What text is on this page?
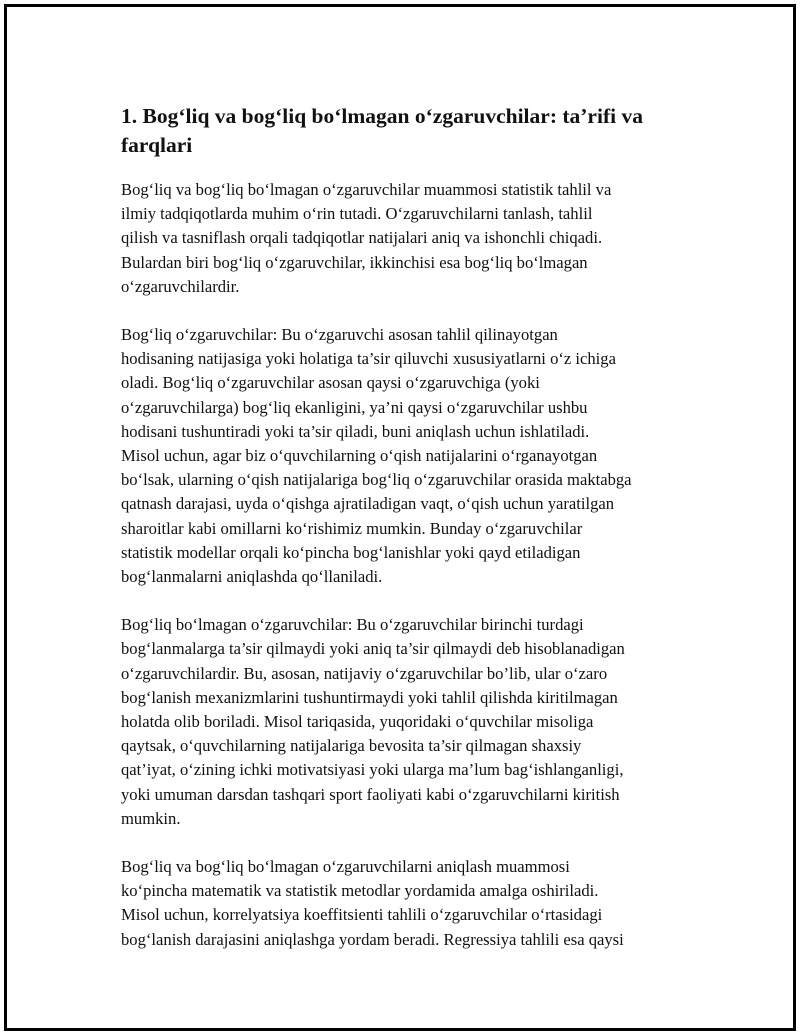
1. Bog‘liq va bog‘liq bo‘lmagan o‘zgaruvchilar: ta’rifi va
farqlari

Bog‘liq va bog‘liq bo‘lmagan o‘zgaruvchilar muammosi statistik tahlil va
ilmiy tadqiqotlarda muhim o‘rin tutadi. O‘zgaruvchilarni tanlash, tahlil
qilish va tasniflash orqali tadqiqotlar natijalari aniq va ishonchli chiqadi.
Bulardan biri bog‘liq o‘zgaruvchilar, ikkinchisi esa bog‘liq bo‘lmagan
o‘zgaruvchilardir.

Bog‘liq o‘zgaruvchilar: Bu o‘zgaruvchi asosan tahlil qilinayotgan
hodisaning natijasiga yoki holatiga ta’sir qiluvchi xususiyatlarni o‘z ichiga
oladi. Bog‘liq o‘zgaruvchilar asosan qaysi o‘zgaruvchiga (yoki
o‘zgaruvchilarga) bog‘liq ekanligini, ya’ni qaysi o‘zgaruvchilar ushbu
hodisani tushuntiradi yoki ta’sir qiladi, buni aniqlash uchun ishlatiladi.
Misol uchun, agar biz o‘quvchilarning o‘qish natijalarini o‘rganayotgan
bo‘lsak, ularning o‘qish natijalariga bog‘liq o‘zgaruvchilar orasida maktabga
qatnash darajasi, uyda o‘qishga ajratiladigan vaqt, o‘qish uchun yaratilgan
sharoitlar kabi omillarni ko‘rishimiz mumkin. Bunday o‘zgaruvchilar
statistik modellar orqali ko‘pincha bog‘lanishlar yoki qayd etiladigan
bog‘lanmalarni aniqlashda qo‘llaniladi.

Bog‘liq bo‘lmagan o‘zgaruvchilar: Bu o‘zgaruvchilar birinchi turdagi
bog‘lanmalarga ta’sir qilmaydi yoki aniq ta’sir qilmaydi deb hisoblanadigan
o‘zgaruvchilardir. Bu, asosan, natijaviy o‘zgaruvchilar bo’lib, ular o‘zaro
bog‘lanish mexanizmlarini tushuntirmaydi yoki tahlil qilishda kiritilmagan
holatda olib boriladi. Misol tariqasida, yuqoridaki o‘quvchilar misoliga
qaytsak, o‘quvchilarning natijalariga bevosita ta’sir qilmagan shaxsiy
qat’iyat, o‘zining ichki motivatsiyasi yoki ularga ma’lum bag‘ishlanganligi,
yoki umuman darsdan tashqari sport faoliyati kabi o‘zgaruvchilarni kiritish
mumkin.

Bog‘liq va bog‘liq bo‘lmagan o‘zgaruvchilarni aniqlash muammosi
ko‘pincha matematik va statistik metodlar yordamida amalga oshiriladi.
Misol uchun, korrelyatsiya koeffitsienti tahlili o‘zgaruvchilar o‘rtasidagi
bog‘lanish darajasini aniqlashga yordam beradi. Regressiya tahlili esa qaysi
